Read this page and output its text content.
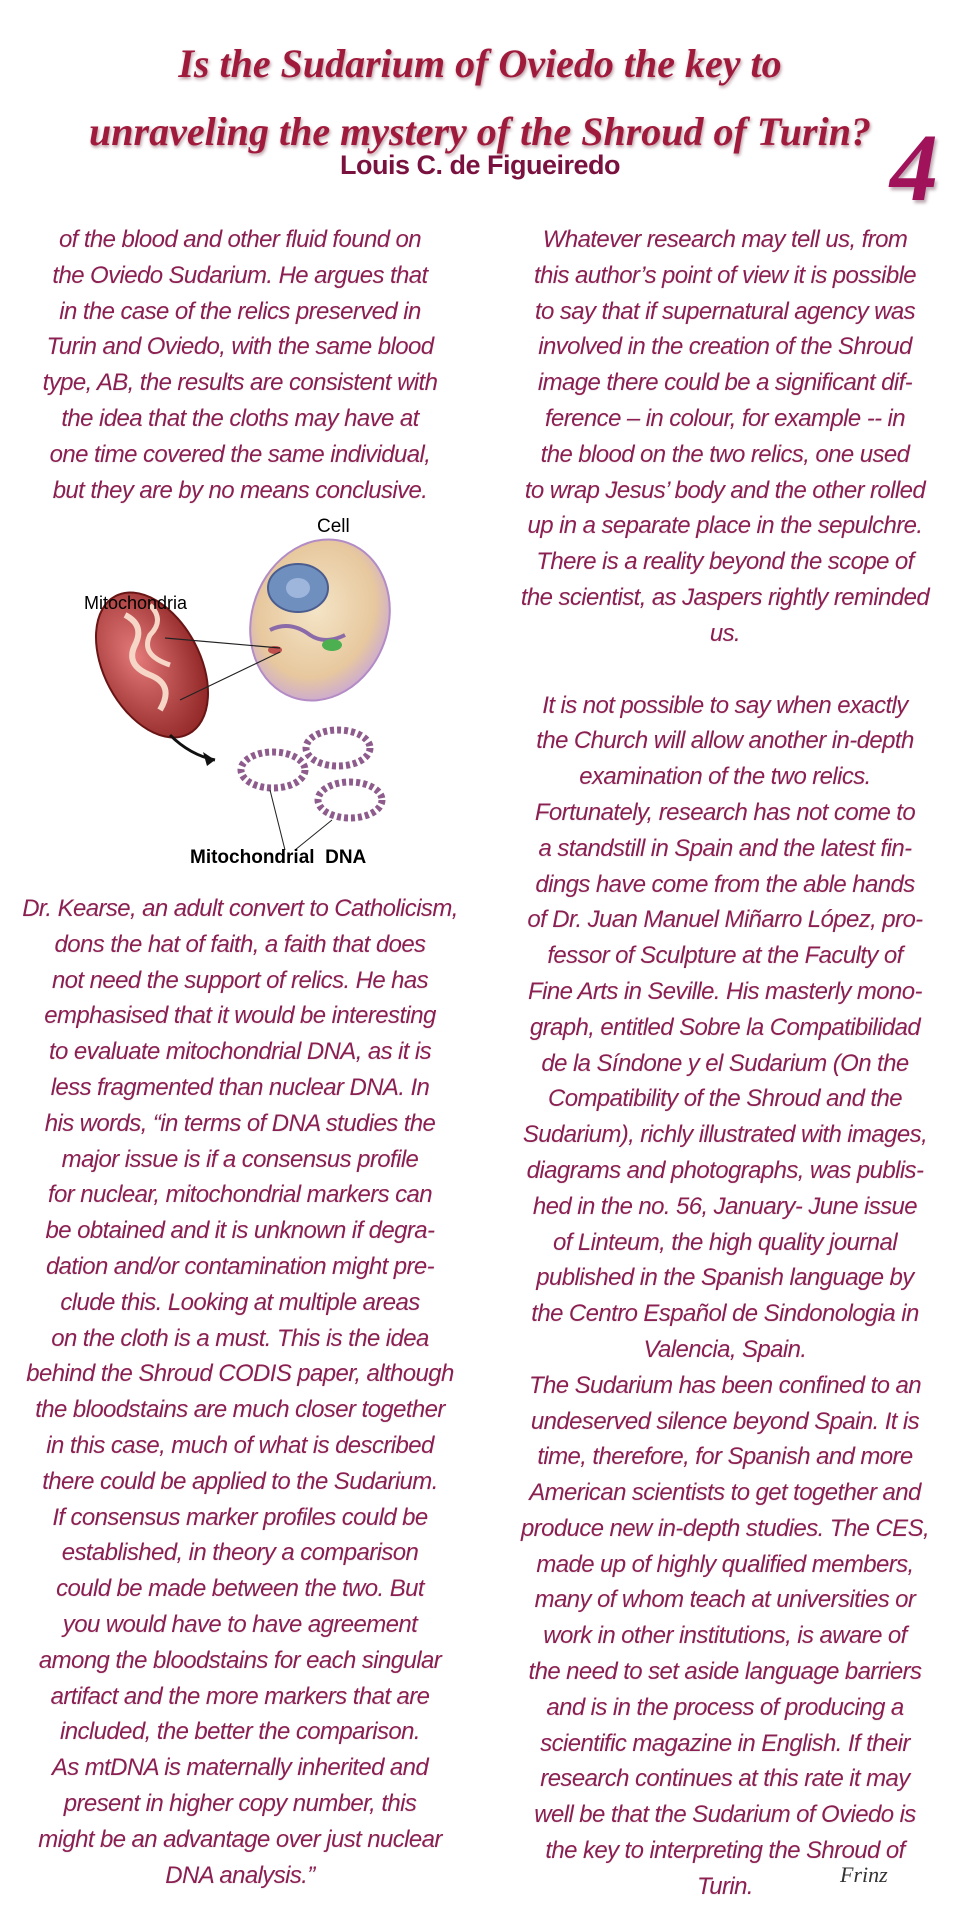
Is the Sudarium of Oviedo the key to
unraveling the mystery of the Shroud of Turin?
Louis C. de Figueiredo	4

of the blood and other fluid found on

the Oviedo Sudarium. He argues that

in the case of the relics preserved in

Turin and Oviedo, with the same blood

type, AB, the results are consistent with

the idea that the cloths may have at

one time covered the same individual,

but they are by no means conclusive.

Cell
Mitochondria
Mitochondrial  DNA

Dr. Kearse, an adult convert to Catholicism,

dons the hat of faith, a faith that does

not need the support of relics. He has

emphasised that it would be interesting

to evaluate mitochondrial DNA, as it is

less fragmented than nuclear DNA. In

his words, “in terms of DNA studies the

major issue is if a consensus profile

for nuclear, mitochondrial markers can

be obtained and it is unknown if degra-

dation and/or contamination might pre-

clude this. Looking at multiple areas

on the cloth is a must. This is the idea

behind the Shroud CODIS paper, although

the bloodstains are much closer together

in this case, much of what is described

there could be applied to the Sudarium.

If consensus marker profiles could be

established, in theory a comparison

could be made between the two. But

you would have to have agreement

among the bloodstains for each singular

artifact and the more markers that are

included, the better the comparison.

As mtDNA is maternally inherited and

present in higher copy number, this

might be an advantage over just nuclear

DNA analysis.”

Whatever research may tell us, from

this author’s point of view it is possible

to say that if supernatural agency was

involved in the creation of the Shroud

image there could be a significant dif-

ference – in colour, for example -- in

the blood on the two relics, one used

to wrap Jesus’ body and the other rolled

up in a separate place in the sepulchre.

There is a reality beyond the scope of

the scientist, as Jaspers rightly reminded

us.

It is not possible to say when exactly

the Church will allow another in-depth

examination of the two relics.

Fortunately, research has not come to

a standstill in Spain and the latest fin-

dings have come from the able hands

of Dr. Juan Manuel Miñarro López, pro-

fessor of Sculpture at the Faculty of

Fine Arts in Seville. His masterly mono-

graph, entitled Sobre la Compatibilidad

de la Síndone y el Sudarium (On the

Compatibility of the Shroud and the

Sudarium), richly illustrated with images,

diagrams and photographs, was publis-

hed in the no. 56, January- June issue

of Linteum, the high quality journal

published in the Spanish language by

the Centro Español de Sindonologia in

Valencia, Spain.

The Sudarium has been confined to an

undeserved silence beyond Spain. It is

time, therefore, for Spanish and more

American scientists to get together and

produce new in-depth studies. The CES,

made up of highly qualified members,

many of whom teach at universities or

work in other institutions, is aware of

the need to set aside language barriers

and is in the process of producing a

scientific magazine in English. If their

research continues at this rate it may

well be that the Sudarium of Oviedo is

the key to interpreting the Shroud of

Turin.	Frinz
